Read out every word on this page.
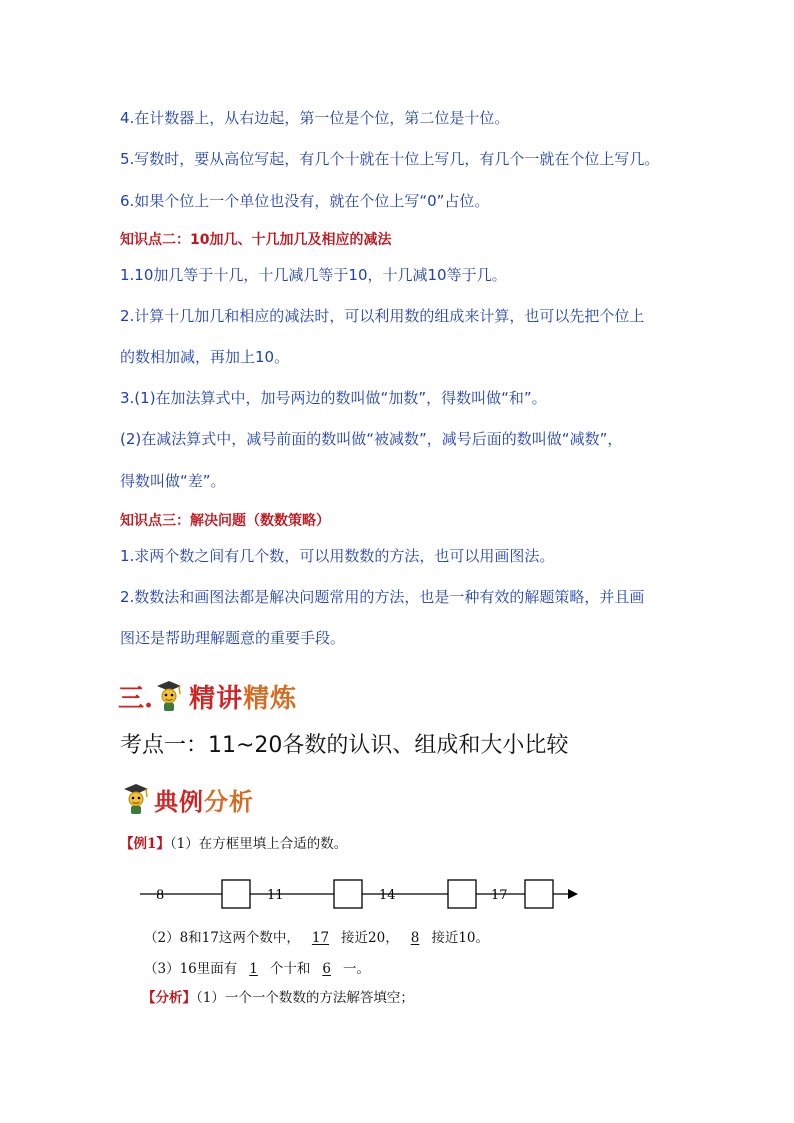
4.在计数器上，从右边起，第一位是个位，第二位是十位。
5.写数时，要从高位写起，有几个十就在十位上写几，有几个一就在个位上写几。
6.如果个位上一个单位也没有，就在个位上写“0”占位。
知识点二：10加几、十几加几及相应的减法
1.10加几等于十几，十几减几等于10，十几减10等于几。
2.计算十几加几和相应的减法时，可以利用数的组成来计算，也可以先把个位上
的数相加减，再加上10。
3.(1)在加法算式中，加号两边的数叫做“加数”，得数叫做“和”。
(2)在减法算式中，减号前面的数叫做“被减数”，减号后面的数叫做“减数”，
得数叫做“差”。
知识点三：解决问题（数数策略）
1.求两个数之间有几个数，可以用数数的方法，也可以用画图法。
2.数数法和画图法都是解决问题常用的方法，也是一种有效的解题策略，并且画
图还是帮助理解题意的重要手段。
三. 精讲精炼
考点一：11~20各数的认识、组成和大小比较
典例分析
【例1】（1）在方框里填上合适的数。
8	11	14	17
（2）8和17这两个数中， 17 接近20， 8 接近10。
（3）16里面有 1 个十和 6 一。
【分析】（1）一个一个数数的方法解答填空；
